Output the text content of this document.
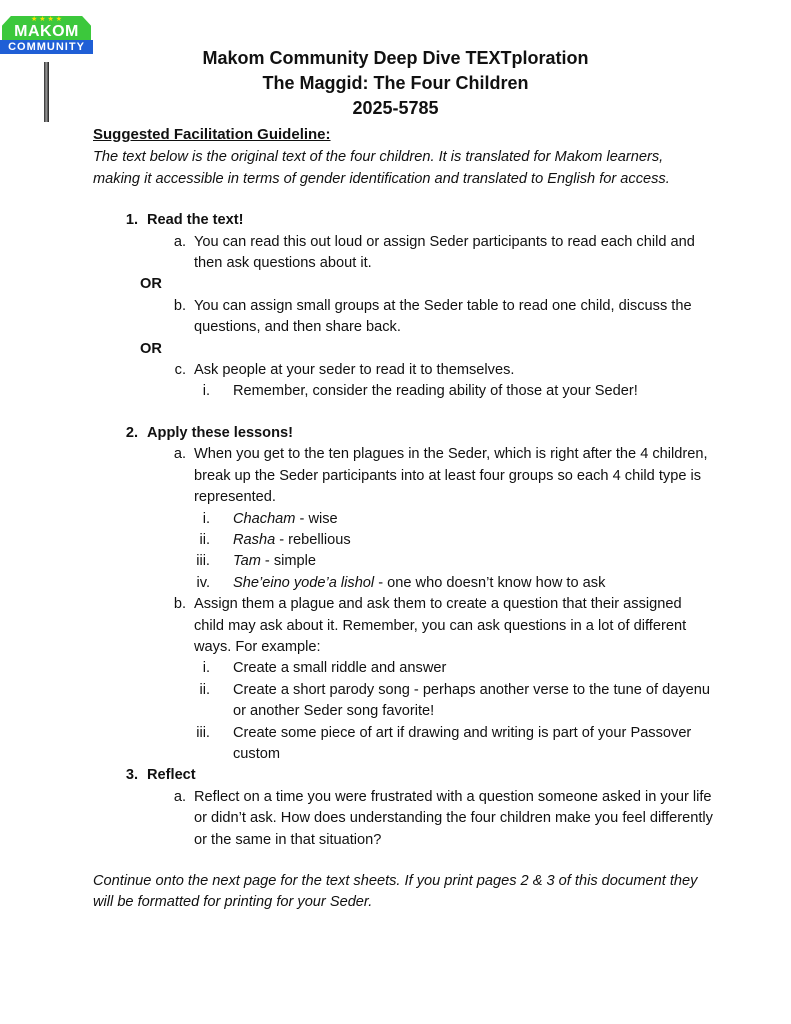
★ ★ ★ ★
MAKOM
COMMUNITY
Makom Community Deep Dive TEXTploration
The Maggid: The Four Children
2025-5785

Suggested Facilitation Guideline:

The text below is the original text of the four children. It is translated for Makom learners, making it accessible in terms of gender identification and translated to English for access.

1. Read the text!
a. You can read this out loud or assign Seder participants to read each child and then ask questions about it.
OR
b. You can assign small groups at the Seder table to read one child, discuss the questions, and then share back.
OR
c. Ask people at your seder to read it to themselves.
i.	Remember, consider the reading ability of those at your Seder!
2. Apply these lessons!
a. When you get to the ten plagues in the Seder, which is right after the 4 children, break up the Seder participants into at least four groups so each 4 child type is represented.
i.	Chacham - wise
ii.	Rasha - rebellious
iii.	Tam - simple
iv.	She’eino yode’a lishol - one who doesn’t know how to ask
b. Assign them a plague and ask them to create a question that their assigned child may ask about it. Remember, you can ask questions in a lot of different ways. For example:
i.	Create a small riddle and answer
ii.	Create a short parody song - perhaps another verse to the tune of dayenu or another Seder song favorite!
iii.	Create some piece of art if drawing and writing is part of your Passover custom
3. Reflect
a. Reflect on a time you were frustrated with a question someone asked in your life or didn’t ask. How does understanding the four children make you feel differently or the same in that situation?

Continue onto the next page for the text sheets. If you print pages 2 & 3 of this document they will be formatted for printing for your Seder.
